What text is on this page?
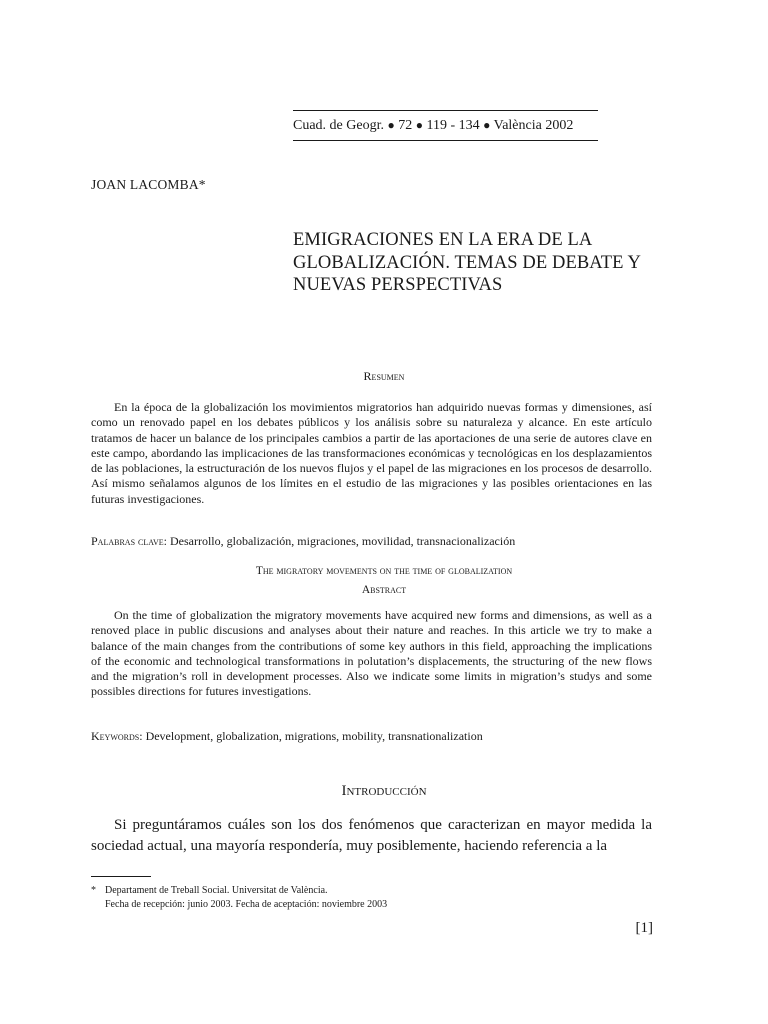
Cuad. de Geogr. ● 72 ● 119 - 134 ● València 2002
JOAN LACOMBA*
EMIGRACIONES EN LA ERA DE LA GLOBALIZACIÓN. TEMAS DE DEBATE Y NUEVAS PERSPECTIVAS
Resumen

En la época de la globalización los movimientos migratorios han adquirido nuevas formas y dimensiones, así como un renovado papel en los debates públicos y los análisis sobre su naturaleza y alcance. En este artículo tratamos de hacer un balance de los principales cambios a partir de las aportaciones de una serie de autores clave en este campo, abordando las implicaciones de las transformaciones económicas y tecnológicas en los desplazamientos de las poblaciones, la estructuración de los nuevos flujos y el papel de las migraciones en los procesos de desarrollo. Así mismo señalamos algunos de los límites en el estudio de las migraciones y las posibles orientaciones en las futuras investigaciones.

Palabras clave: Desarrollo, globalización, migraciones, movilidad, transnacionalización
The migratory movements on the time of globalization
Abstract

On the time of globalization the migratory movements have acquired new forms and dimensions, as well as a renoved place in public discusions and analyses about their nature and reaches. In this article we try to make a balance of the main changes from the contributions of some key authors in this field, approaching the implications of the economic and technological transformations in polutation’s displacements, the structuring of the new flows and the migration’s roll in development processes. Also we indicate some limits in migration’s studys and some possibles directions for futures investigations.

Keywords: Development, globalization, migrations, mobility, transnationalization
Introducción

Si preguntáramos cuáles son los dos fenómenos que caracterizan en mayor medida la sociedad actual, una mayoría respondería, muy posiblemente, haciendo referencia a la

* Departament de Treball Social. Universitat de València.
Fecha de recepción: junio 2003. Fecha de aceptación: noviembre 2003
[1]
